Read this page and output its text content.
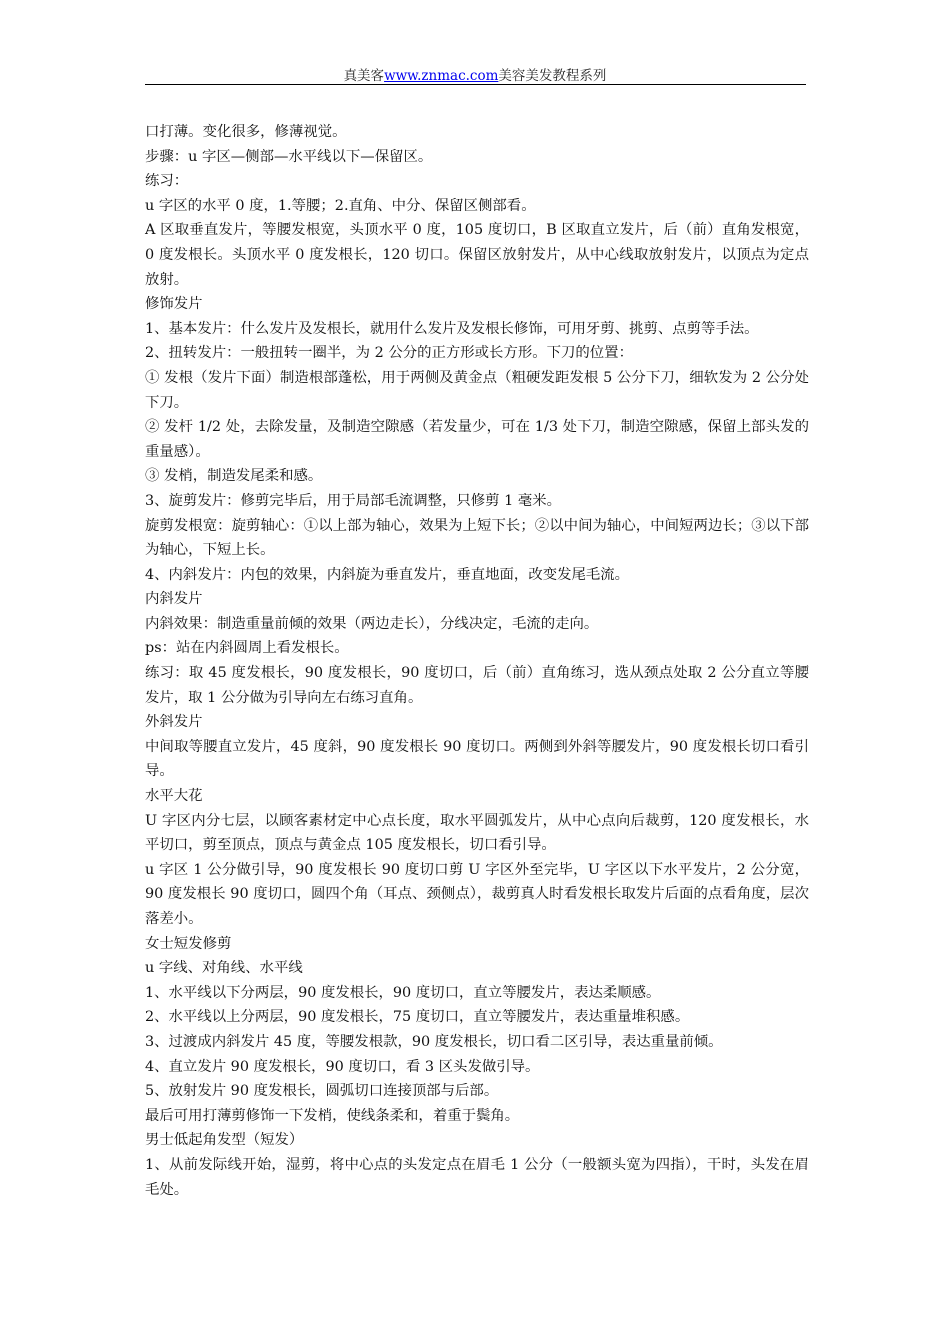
真美客www.znmac.com美容美发教程系列

口打薄。变化很多，修薄视觉。

步骤：u 字区—侧部—水平线以下—保留区。

练习：

u 字区的水平 0 度，1.等腰；2.直角、中分、保留区侧部看。

A 区取垂直发片，等腰发根宽，头顶水平 0 度，105 度切口，B 区取直立发片，后（前）直角发根宽，0 度发根长。头顶水平 0 度发根长，120 切口。保留区放射发片，从中心线取放射发片，以顶点为定点放射。

修饰发片

1、基本发片：什么发片及发根长，就用什么发片及发根长修饰，可用牙剪、挑剪、点剪等手法。

2、扭转发片：一般扭转一圈半，为 2 公分的正方形或长方形。下刀的位置：

① 发根（发片下面）制造根部蓬松，用于两侧及黄金点（粗硬发距发根 5 公分下刀，细软发为 2 公分处下刀。

② 发杆 1/2 处，去除发量，及制造空隙感（若发量少，可在 1/3 处下刀，制造空隙感，保留上部头发的重量感）。

③ 发梢，制造发尾柔和感。

3、旋剪发片：修剪完毕后，用于局部毛流调整，只修剪 1 毫米。

旋剪发根宽：旋剪轴心：①以上部为轴心，效果为上短下长；②以中间为轴心，中间短两边长；③以下部为轴心，下短上长。

4、内斜发片：内包的效果，内斜旋为垂直发片，垂直地面，改变发尾毛流。

内斜发片

内斜效果：制造重量前倾的效果（两边走长），分线决定，毛流的走向。

ps：站在内斜圆周上看发根长。

练习：取 45 度发根长，90 度发根长，90 度切口，后（前）直角练习，选从颈点处取 2 公分直立等腰发片，取 1 公分做为引导向左右练习直角。

外斜发片

中间取等腰直立发片，45 度斜，90 度发根长 90 度切口。两侧到外斜等腰发片，90 度发根长切口看引导。

水平大花

U 字区内分七层，以顾客素材定中心点长度，取水平圆弧发片，从中心点向后裁剪，120 度发根长，水平切口，剪至顶点，顶点与黄金点 105 度发根长，切口看引导。

u 字区 1 公分做引导，90 度发根长 90 度切口剪 U 字区外至完毕，U 字区以下水平发片，2 公分宽，90 度发根长 90 度切口，圆四个角（耳点、颈侧点），裁剪真人时看发根长取发片后面的点看角度，层次落差小。

女士短发修剪

u 字线、对角线、水平线

1、水平线以下分两层，90 度发根长，90 度切口，直立等腰发片，表达柔顺感。

2、水平线以上分两层，90 度发根长，75 度切口，直立等腰发片，表达重量堆积感。

3、过渡成内斜发片 45 度，等腰发根款，90 度发根长，切口看二区引导，表达重量前倾。

4、直立发片 90 度发根长，90 度切口，看 3 区头发做引导。

5、放射发片 90 度发根长，圆弧切口连接顶部与后部。

最后可用打薄剪修饰一下发梢，使线条柔和，着重于鬓角。

男士低起角发型（短发）

1、从前发际线开始，湿剪，将中心点的头发定点在眉毛 1 公分（一般额头宽为四指），干时，头发在眉毛处。
